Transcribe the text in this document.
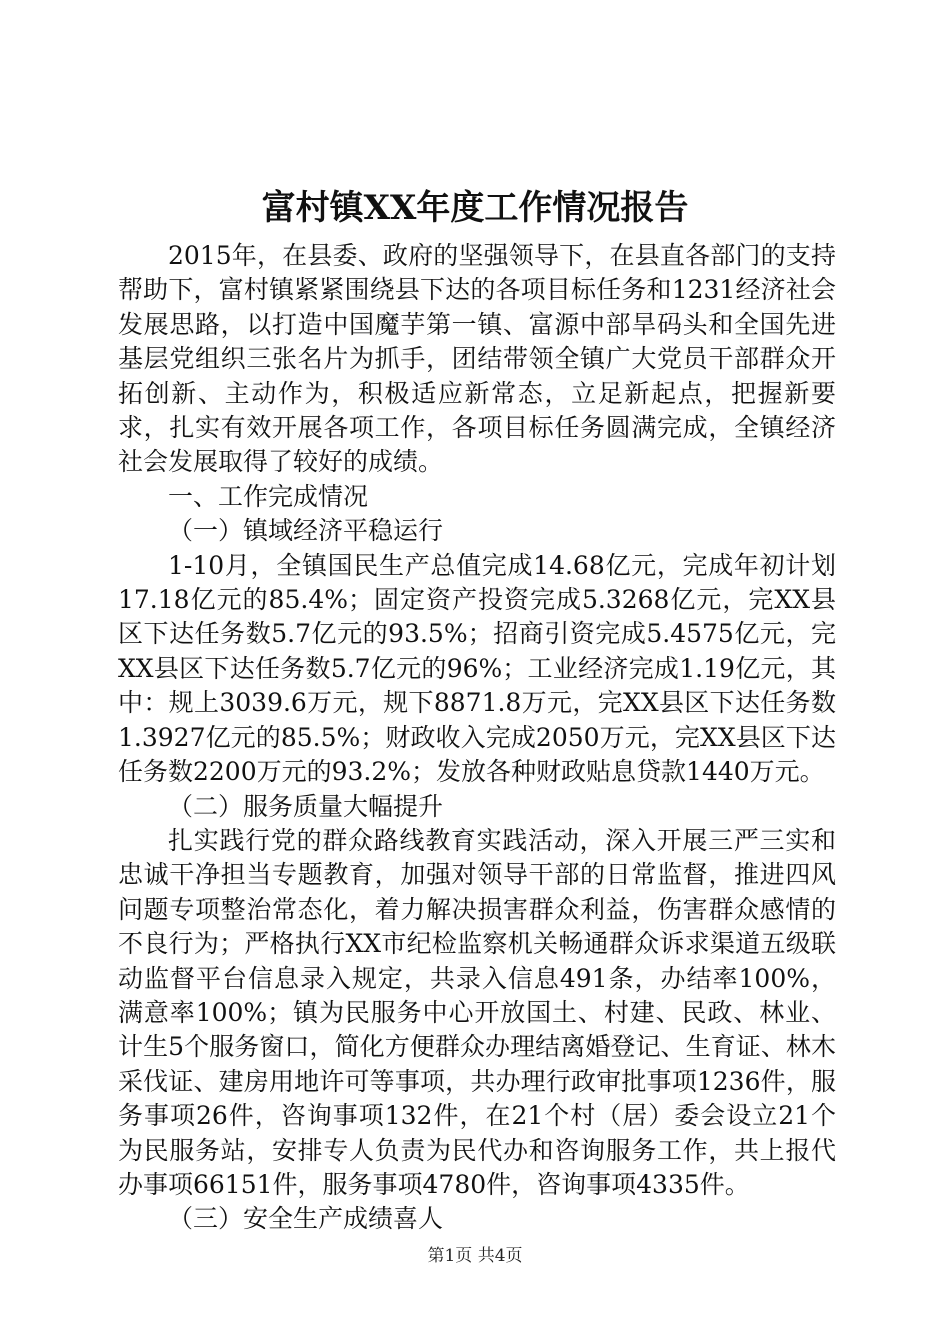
富村镇XX年度工作情况报告

2015年，在县委、政府的坚强领导下，在县直各部门的支持帮助下，富村镇紧紧围绕县下达的各项目标任务和1231经济社会发展思路，以打造中国魔芋第一镇、富源中部旱码头和全国先进基层党组织三张名片为抓手，团结带领全镇广大党员干部群众开拓创新、主动作为，积极适应新常态，立足新起点，把握新要求，扎实有效开展各项工作，各项目标任务圆满完成，全镇经济社会发展取得了较好的成绩。

一、工作完成情况

（一）镇域经济平稳运行

1-10月，全镇国民生产总值完成14.68亿元，完成年初计划17.18亿元的85.4%；固定资产投资完成5.3268亿元，完XX县区下达任务数5.7亿元的93.5%；招商引资完成5.4575亿元，完XX县区下达任务数5.7亿元的96%；工业经济完成1.19亿元，其中：规上3039.6万元，规下8871.8万元，完XX县区下达任务数1.3927亿元的85.5%；财政收入完成2050万元，完XX县区下达任务数2200万元的93.2%；发放各种财政贴息贷款1440万元。

（二）服务质量大幅提升

扎实践行党的群众路线教育实践活动，深入开展三严三实和忠诚干净担当专题教育，加强对领导干部的日常监督，推进四风问题专项整治常态化，着力解决损害群众利益，伤害群众感情的不良行为；严格执行XX市纪检监察机关畅通群众诉求渠道五级联动监督平台信息录入规定，共录入信息491条，办结率100%，满意率100%；镇为民服务中心开放国土、村建、民政、林业、计生5个服务窗口，简化方便群众办理结离婚登记、生育证、林木采伐证、建房用地许可等事项，共办理行政审批事项1236件，服务事项26件，咨询事项132件，在21个村（居）委会设立21个为民服务站，安排专人负责为民代办和咨询服务工作，共上报代办事项66151件，服务事项4780件，咨询事项4335件。

（三）安全生产成绩喜人

第1页 共4页
